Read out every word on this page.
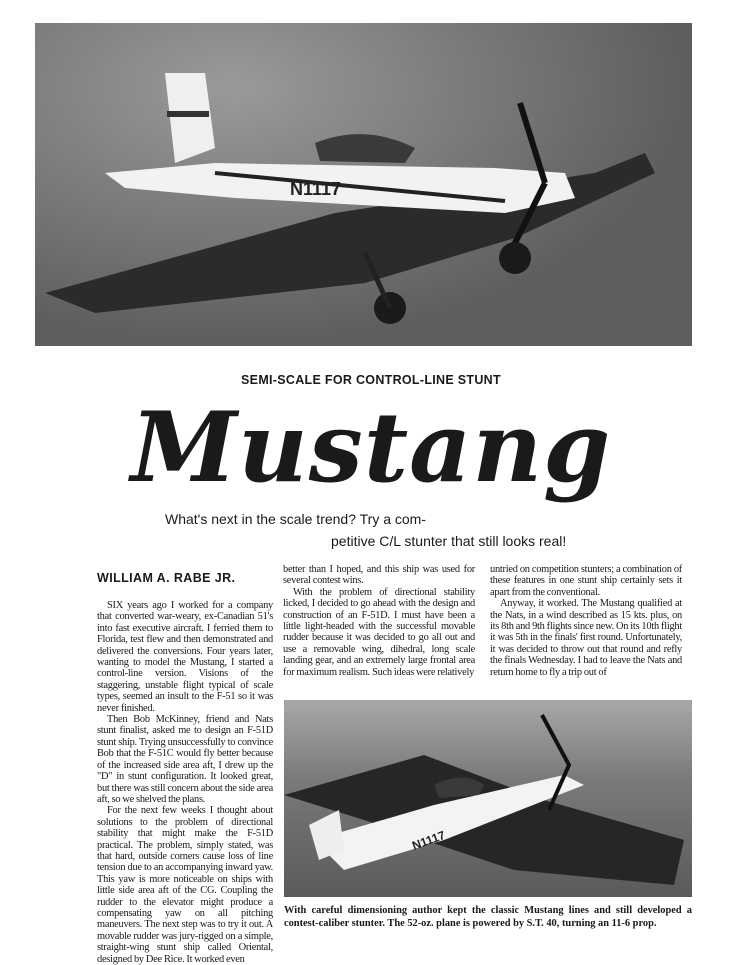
N1117
SEMI-SCALE FOR CONTROL-LINE STUNT
Mustang
What's next in the scale trend? Try a com-
petitive C/L stunter that still looks real!
WILLIAM A. RABE JR.

SIX years ago I worked for a company that converted war-weary, ex-Canadian 51's into fast executive aircraft. I ferried them to Florida, test flew and then demonstrated and delivered the conversions. Four years later, wanting to model the Mustang, I started a control-line version. Visions of the staggering, unstable flight typical of scale types, seemed an insult to the F-51 so it was never finished.

Then Bob McKinney, friend and Nats stunt finalist, asked me to design an F-51D stunt ship. Trying unsuccessfully to convince Bob that the F-51C would fly better because of the increased side area aft, I drew up the "D" in stunt configuration. It looked great, but there was still concern about the side area aft, so we shelved the plans.

For the next few weeks I thought about solutions to the problem of directional stability that might make the F-51D practical. The problem, simply stated, was that hard, outside corners cause loss of line tension due to an accompanying inward yaw. This yaw is more noticeable on ships with little side area aft of the CG. Coupling the rudder to the elevator might produce a compensating yaw on all pitching maneuvers. The next step was to try it out. A movable rudder was jury-rigged on a simple, straight-wing stunt ship called Oriental, designed by Dee Rice. It worked even

better than I hoped, and this ship was used for several contest wins.

With the problem of directional stability licked, I decided to go ahead with the design and construction of an F-51D. I must have been a little light-headed with the successful movable rudder because it was decided to go all out and use a removable wing, dihedral, long scale landing gear, and an extremely large frontal area for maximum realism. Such ideas were relatively

untried on competition stunters; a combination of these features in one stunt ship certainly sets it apart from the conventional.

Anyway, it worked. The Mustang qualified at the Nats, in a wind described as 15 kts. plus, on its 8th and 9th flights since new. On its 10th flight it was 5th in the finals' first round. Unfortunately, it was decided to throw out that round and refly the finals Wednesday. I had to leave the Nats and return home to fly a trip out of

N1117
With careful dimensioning author kept the classic Mustang lines and still developed a contest-caliber stunter. The 52-oz. plane is powered by S.T. 40, turning an 11-6 prop.
